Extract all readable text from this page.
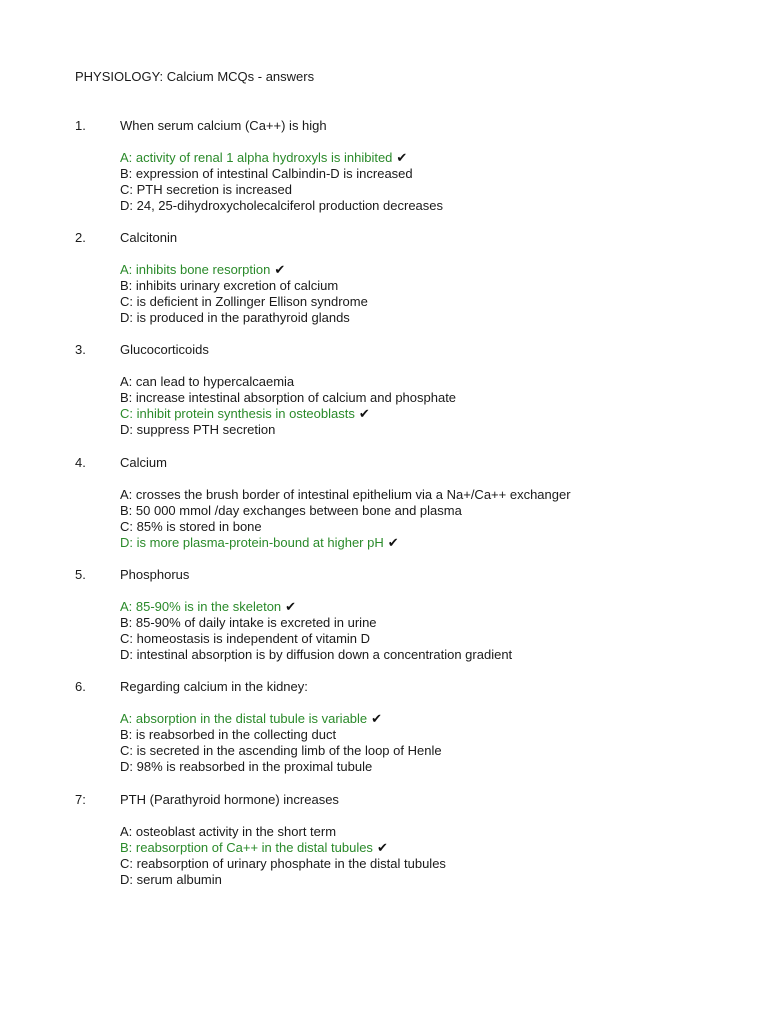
PHYSIOLOGY: Calcium MCQs - answers
1.	When serum calcium (Ca++) is high
A: activity of renal 1 alpha hydroxyls is inhibited ✔
B: expression of intestinal Calbindin-D is increased
C: PTH secretion is increased
D: 24, 25-dihydroxycholecalciferol production decreases
2.	Calcitonin
A: inhibits bone resorption ✔
B: inhibits urinary excretion of calcium
C: is deficient in Zollinger Ellison syndrome
D: is produced in the parathyroid glands
3.	Glucocorticoids
A: can lead to hypercalcaemia
B: increase intestinal absorption of calcium and phosphate
C: inhibit protein synthesis in osteoblasts ✔
D: suppress PTH secretion
4.	Calcium
A: crosses the brush border of intestinal epithelium via a Na+/Ca++ exchanger
B: 50 000 mmol /day exchanges between bone and plasma
C: 85% is stored in bone
D: is more plasma-protein-bound at higher pH ✔
5.	Phosphorus
A: 85-90% is in the skeleton ✔
B: 85-90% of daily intake is excreted in urine
C: homeostasis is independent of vitamin D
D: intestinal absorption is by diffusion down a concentration gradient
6.	Regarding calcium in the kidney:
A: absorption in the distal tubule is variable ✔
B: is reabsorbed in the collecting duct
C: is secreted in the ascending limb of the loop of Henle
D: 98% is reabsorbed in the proximal tubule
7:	PTH (Parathyroid hormone) increases
A: osteoblast activity in the short term
B: reabsorption of Ca++ in the distal tubules ✔
C: reabsorption of urinary phosphate in the distal tubules
D: serum albumin
